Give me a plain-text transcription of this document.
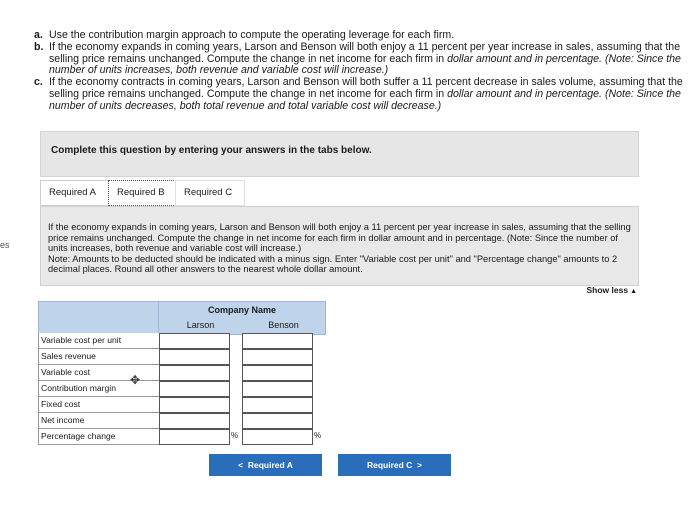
a. Use the contribution margin approach to compute the operating leverage for each firm.

b. If the economy expands in coming years, Larson and Benson will both enjoy a 11 percent per year increase in sales, assuming that the selling price remains unchanged. Compute the change in net income for each firm in dollar amount and in percentage. (Note: Since the number of units increases, both revenue and variable cost will increase.)

c. If the economy contracts in coming years, Larson and Benson will both suffer a 11 percent decrease in sales volume, assuming that the selling price remains unchanged. Compute the change in net income for each firm in dollar amount and in percentage. (Note: Since the number of units decreases, both total revenue and total variable cost will decrease.)

es
Complete this question by entering your answers in the tabs below.
Required A	Required B	Required C

If the economy expands in coming years, Larson and Benson will both enjoy a 11 percent per year increase in sales, assuming that the selling price remains unchanged. Compute the change in net income for each firm in dollar amount and in percentage. (Note: Since the number of units increases, both revenue and variable cost will increase.)

Note: Amounts to be deducted should be indicated with a minus sign. Enter "Variable cost per unit" and "Percentage change" amounts to 2 decimal places. Round all other answers to the nearest whole dollar amount.

Show less ▲
Company Name
Larson	Benson
Variable cost per unit
Sales revenue
Variable cost
Contribution margin
Fixed cost
Net income
Percentage change	%	%
✥
< Required A	Required C >
